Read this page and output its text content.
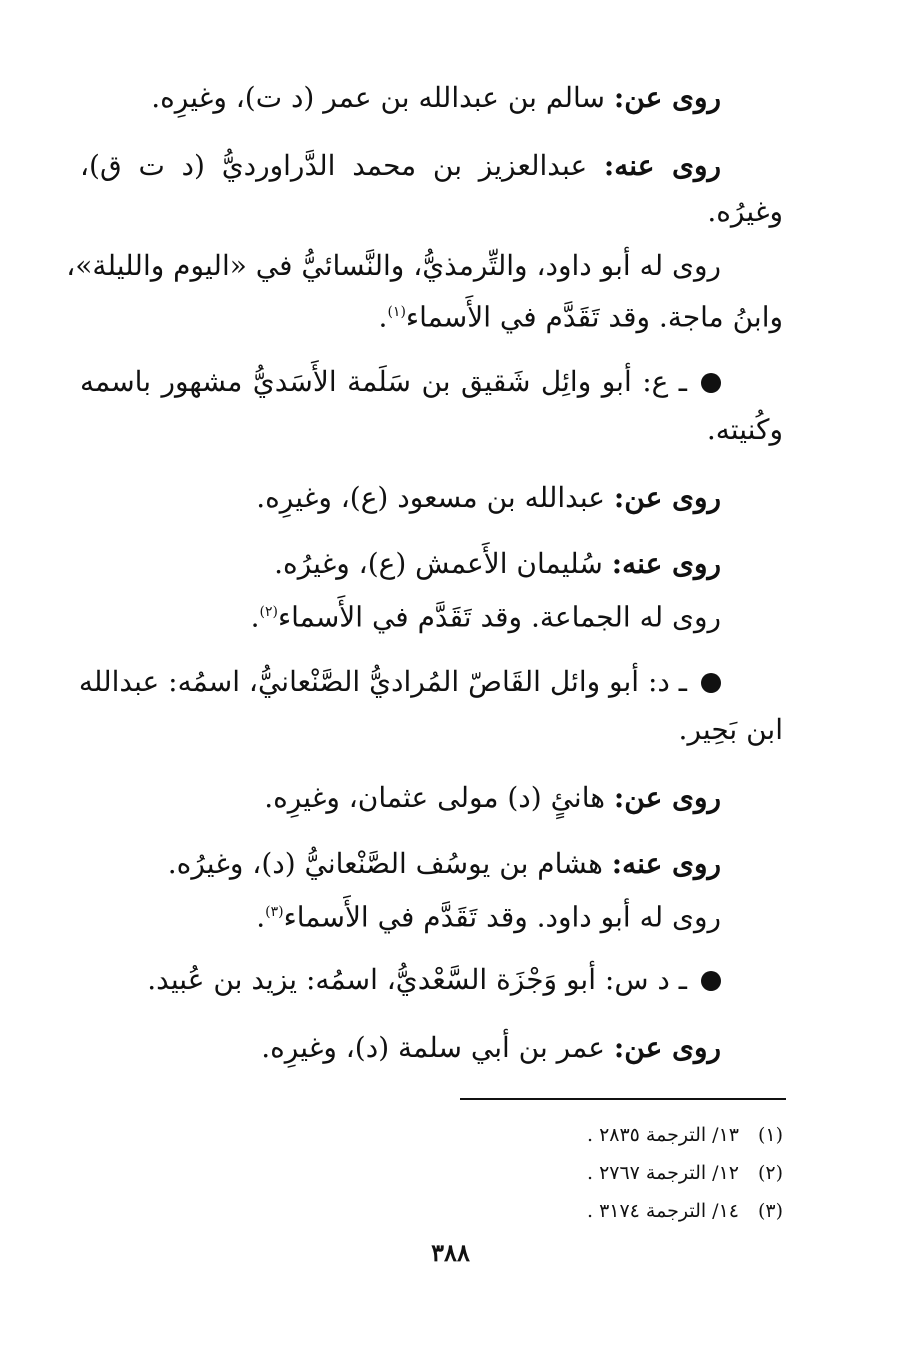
روى عن: سالم بن عبدالله بن عمر (د ت)، وغيرِه.
روى عنه: عبدالعزيز بن محمد الدَّراورديُّ (د ت ق)،
وغيرُه.
روى له أبو داود، والتِّرمذيُّ، والنَّسائيُّ في «اليوم والليلة»،
وابنُ ماجة. وقد تَقَدَّم في الأَسماء$^{(١)}$.
ـ ع: أبو وائِل شَقيق بن سَلَمة الأَسَديُّ مشهور باسمه
وكُنيته.
روى عن: عبدالله بن مسعود (ع)، وغيرِه.
روى عنه: سُليمان الأَعمش (ع)، وغيرُه.
روى له الجماعة. وقد تَقَدَّم في الأَسماء$^{(٢)}$.
ـ د: أبو وائل القَاصّ المُراديُّ الصَّنْعانيُّ، اسمُه: عبدالله
ابن بَحِير.
روى عن: هانئٍ (د) مولى عثمان، وغيرِه.
روى عنه: هشام بن يوسُف الصَّنْعانيُّ (د)، وغيرُه.
روى له أبو داود. وقد تَقَدَّم في الأَسماء$^{(٣)}$.
ـ د س: أبو وَجْزَة السَّعْديُّ، اسمُه: يزيد بن عُبيد.
روى عن: عمر بن أبي سلمة (د)، وغيرِه.
(١)١٣/ الترجمة ٢٨٣٥ .
(٢)١٢/ الترجمة ٢٧٦٧ .
(٣)١٤/ الترجمة ٣١٧٤ .
٣٨٨
